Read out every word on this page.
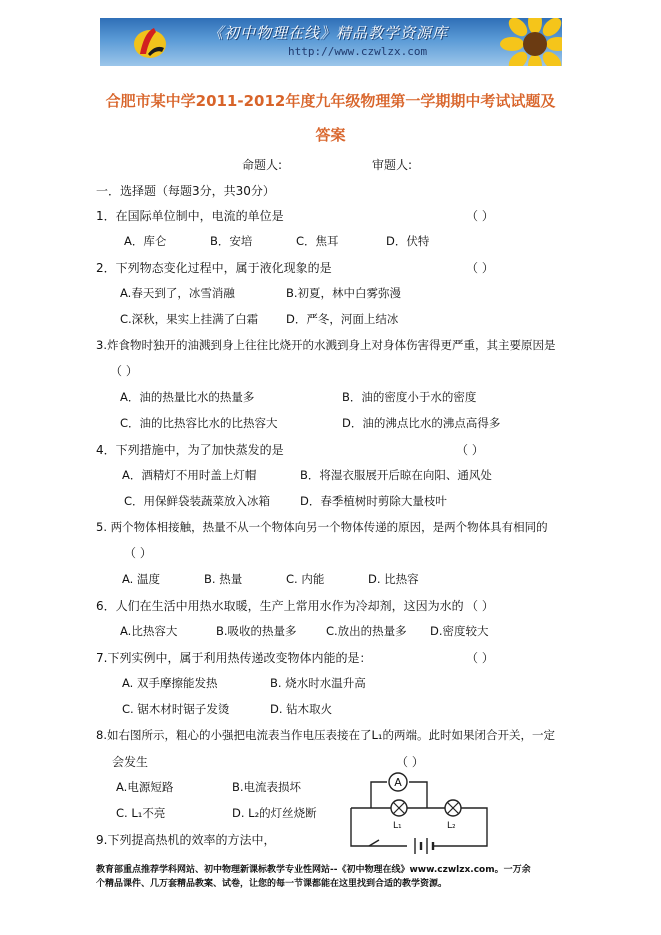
《初中物理在线》精品教学资源库
http://www.czwlzx.com
合肥市某中学2011-2012年度九年级物理第一学期期中考试试题及
答案
命题人:	审题人:
一．选择题（每题3分，共30分）
1．在国际单位制中，电流的单位是	（ ）
A．库仑	B．安培	C．焦耳	D．伏特
2．下列物态变化过程中，属于液化现象的是	（ ）
A.春天到了，冰雪消融	B.初夏，林中白雾弥漫
C.深秋，果实上挂满了白霜 D．严冬，河面上结冰
3.炸食物时独开的油溅到身上往往比烧开的水溅到身上对身体伤害得更严重，其主要原因是
（ ）
A．油的热量比水的热量多	B．油的密度小于水的密度
C．油的比热容比水的比热容大	D．油的沸点比水的沸点高得多
4．下列措施中，为了加快蒸发的是	（ ）
A．酒精灯不用时盖上灯帽	B．将湿衣服展开后晾在向阳、通风处
C．用保鲜袋装蔬菜放入冰箱	D．春季植树时剪除大量枝叶
5. 两个物体相接触，热量不从一个物体向另一个物体传递的原因，是两个物体具有相同的
（ ）
A. 温度	B. 热量	C. 内能	D. 比热容
6．人们在生活中用热水取暖，生产上常用水作为冷却剂，这因为水的 （ ）
A.比热容大	B.吸收的热量多	C.放出的热量多 D.密度较大
7.下列实例中，属于利用热传递改变物体内能的是：	（ ）
A. 双手摩擦能发热	B. 烧水时水温升高
C. 锯木材时锯子发烫	D. 钻木取火
8.如右图所示，粗心的小强把电流表当作电压表接在了L₁的两端。此时如果闭合开关，一定
会发生	（ ）
A.电源短路	B.电流表损坏
C. L₁不亮	D. L₂的灯丝烧断
9.下列提高热机的效率的方法中，
A
L₁	L₂
教育部重点推荐学科网站、初中物理新课标教学专业性网站--《初中物理在线》www.czwlzx.com。一万余
个精品课件、几万套精品教案、试卷，让您的每一节课都能在这里找到合适的教学资源。
